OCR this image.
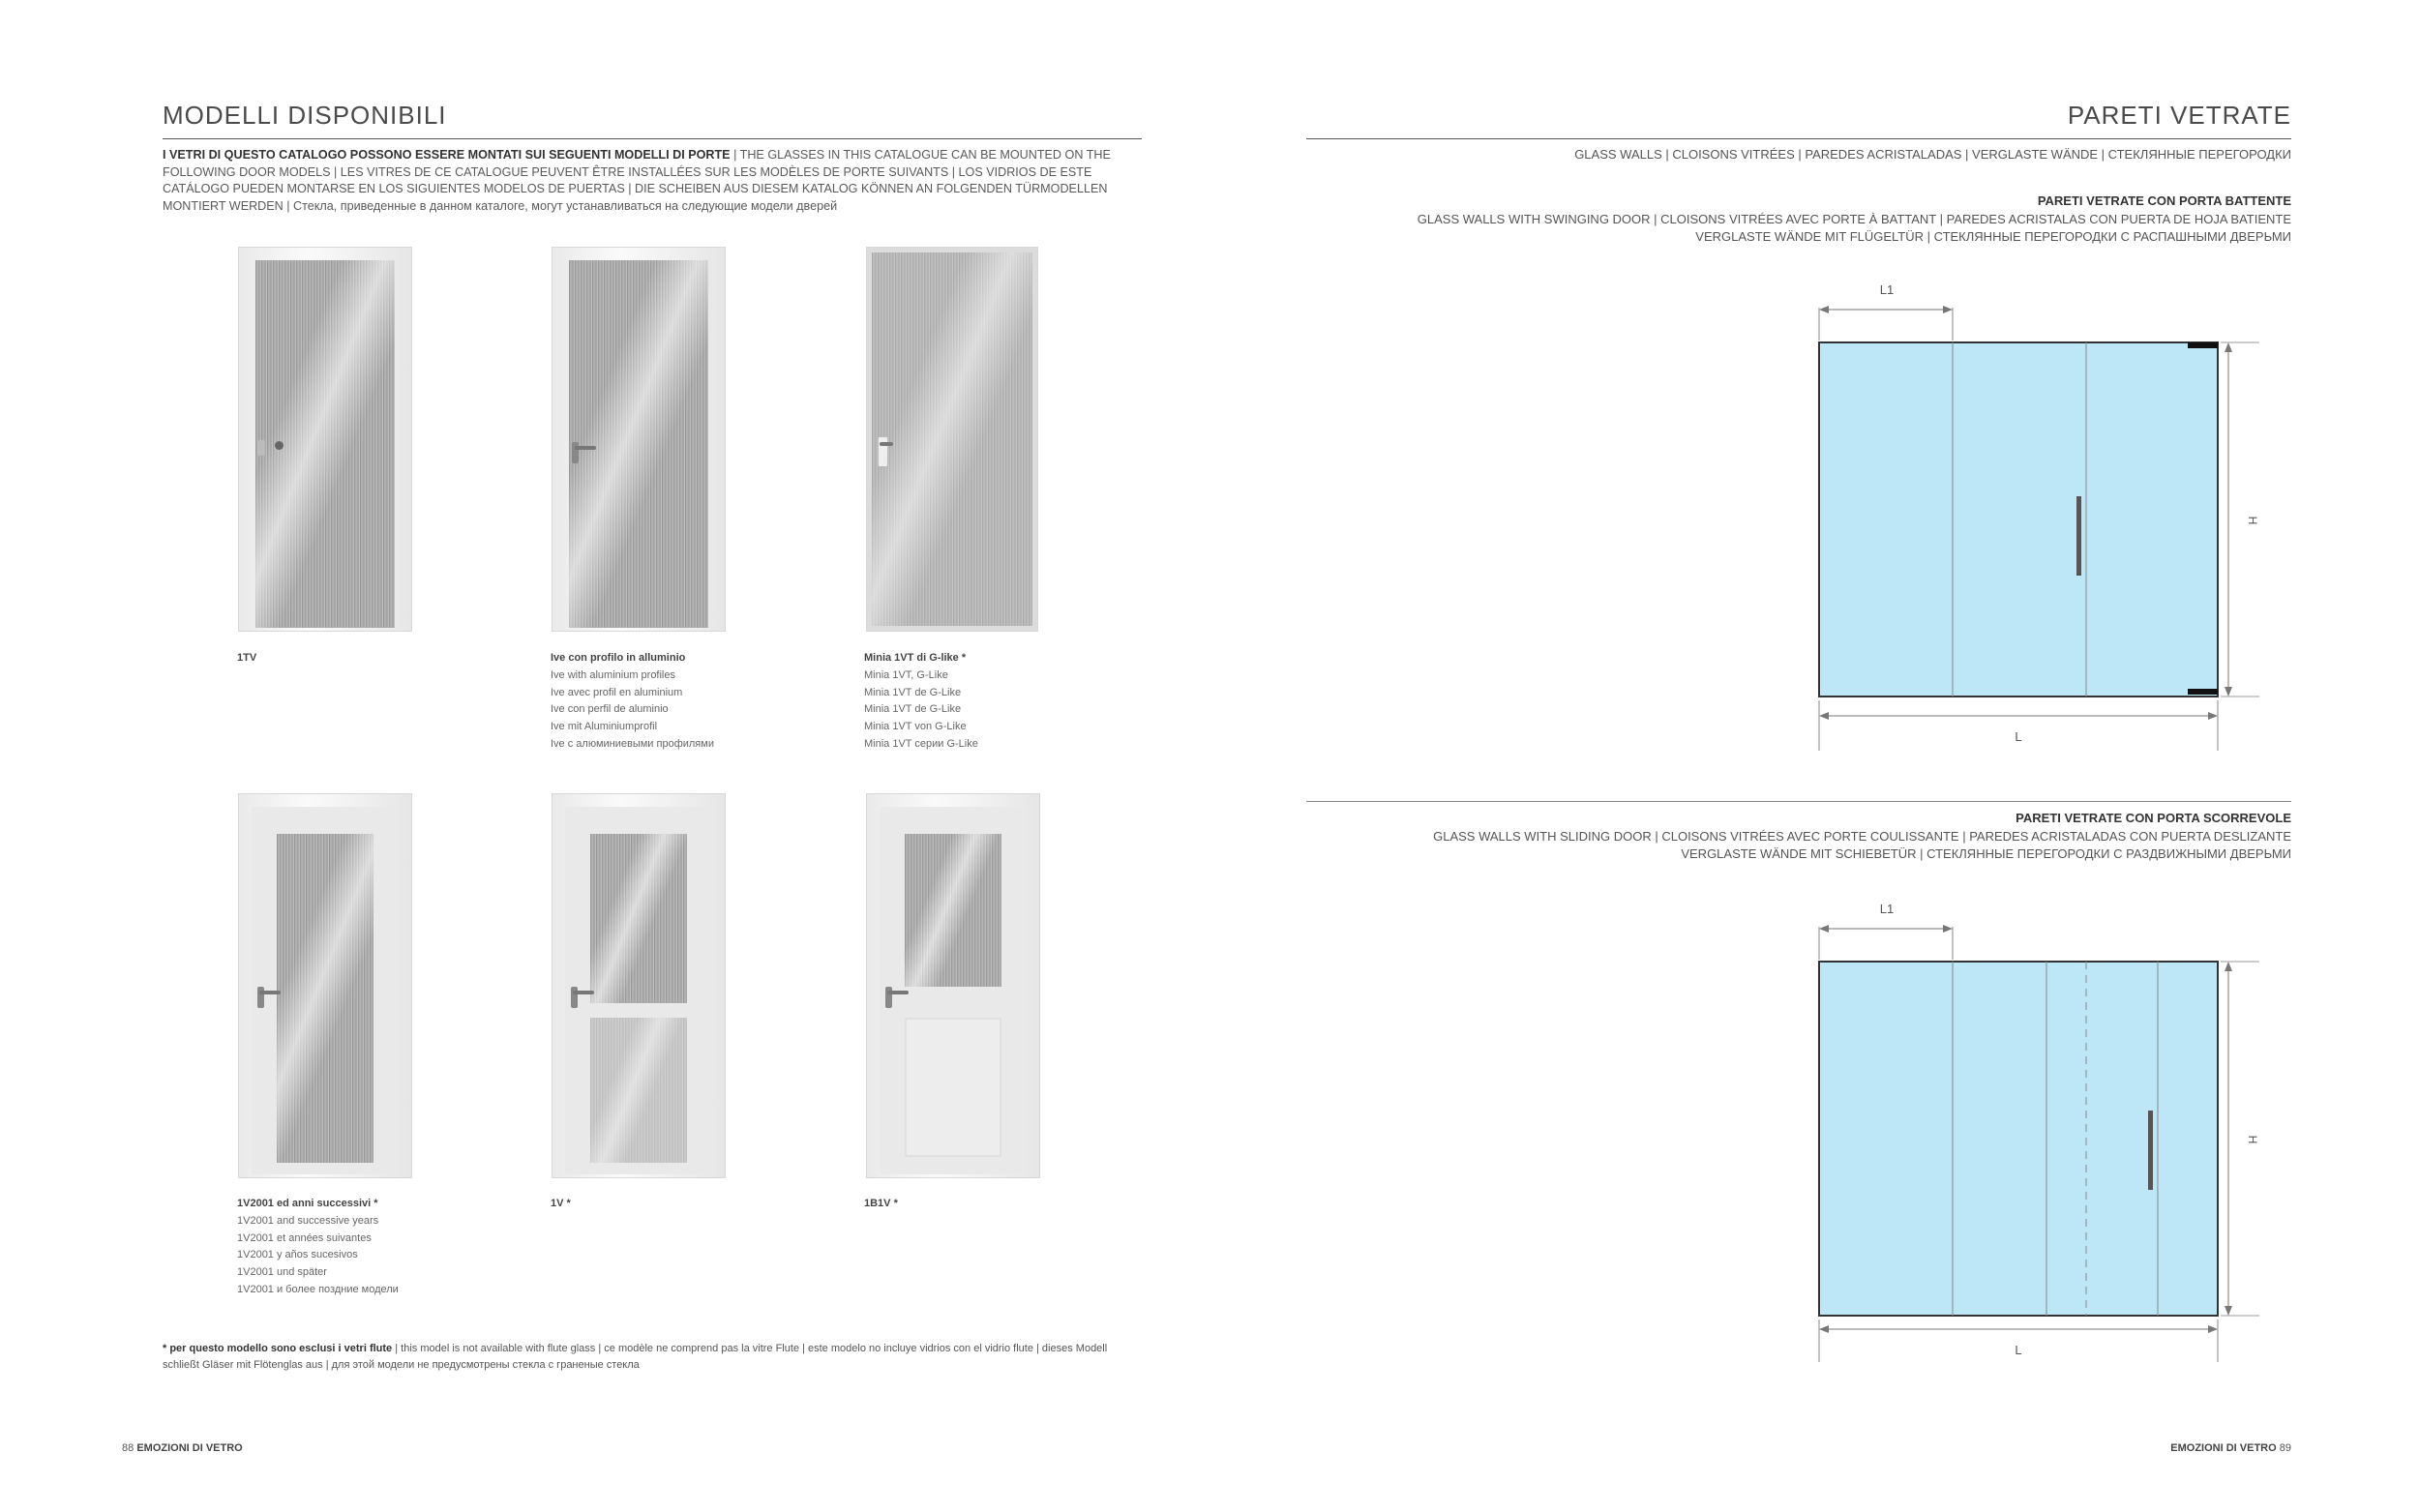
MODELLI DISPONIBILI
I VETRI DI QUESTO CATALOGO POSSONO ESSERE MONTATI SUI SEGUENTI MODELLI DI PORTE | THE GLASSES IN THIS CATALOGUE CAN BE MOUNTED ON THE FOLLOWING DOOR MODELS | LES VITRES DE CE CATALOGUE PEUVENT ÊTRE INSTALLÉES SUR LES MODÈLES DE PORTE SUIVANTS | LOS VIDRIOS DE ESTE CATÁLOGO PUEDEN MONTARSE EN LOS SIGUIENTES MODELOS DE PUERTAS | DIE SCHEIBEN AUS DIESEM KATALOG KÖNNEN AN FOLGENDEN TÜRMODELLEN MONTIERT WERDEN | Стекла, приведенные в данном каталоге, могут устанавливаться на следующие модели дверей
1TV	Ive con profilo in alluminio
Ive with aluminium profiles
Ive avec profil en aluminium
Ive con perfil de aluminio
Ive mit Aluminiumprofil
Ive с алюминиевыми профилями
Minia 1VT di G-like *
Minia 1VT, G-Like
Minia 1VT de G-Like
Minia 1VT de G-Like
Minia 1VT von G-Like
Minia 1VT серии G-Like
1V2001 ed anni successivi *
1V2001 and successive years
1V2001 et années suivantes
1V2001 y años sucesivos
1V2001 und später
1V2001 и более поздние модели
1V *	1B1V *
* per questo modello sono esclusi i vetri flute | this model is not available with flute glass | ce modèle ne comprend pas la vitre Flute | este modelo no incluye vidrios con el vidrio flute | dieses Modell schließt Gläser mit Flötenglas aus | для этой модели не предусмотрены стекла с граненые стекла
88 EMOZIONI DI VETRO
PARETI VETRATE
GLASS WALLS | CLOISONS VITRÉES | PAREDES ACRISTALADAS | VERGLASTE WÄNDE | СТЕКЛЯННЫЕ ПЕРЕГОРОДКИ
PARETI VETRATE CON PORTA BATTENTE
GLASS WALLS WITH SWINGING DOOR | CLOISONS VITRÉES AVEC PORTE À BATTANT | PAREDES ACRISTALAS CON PUERTA DE HOJA BATIENTE
VERGLASTE WÄNDE MIT FLÜGELTÜR | СТЕКЛЯННЫЕ ПЕРЕГОРОДКИ С РАСПАШНЫМИ ДВЕРЬМИ
L1
H
L
PARETI VETRATE CON PORTA SCORREVOLE
GLASS WALLS WITH SLIDING DOOR | CLOISONS VITRÉES AVEC PORTE COULISSANTE | PAREDES ACRISTALADAS CON PUERTA DESLIZANTE
VERGLASTE WÄNDE MIT SCHIEBETÜR | СТЕКЛЯННЫЕ ПЕРЕГОРОДКИ С РАЗДВИЖНЫМИ ДВЕРЬМИ
L1
H
L
EMOZIONI DI VETRO 89
